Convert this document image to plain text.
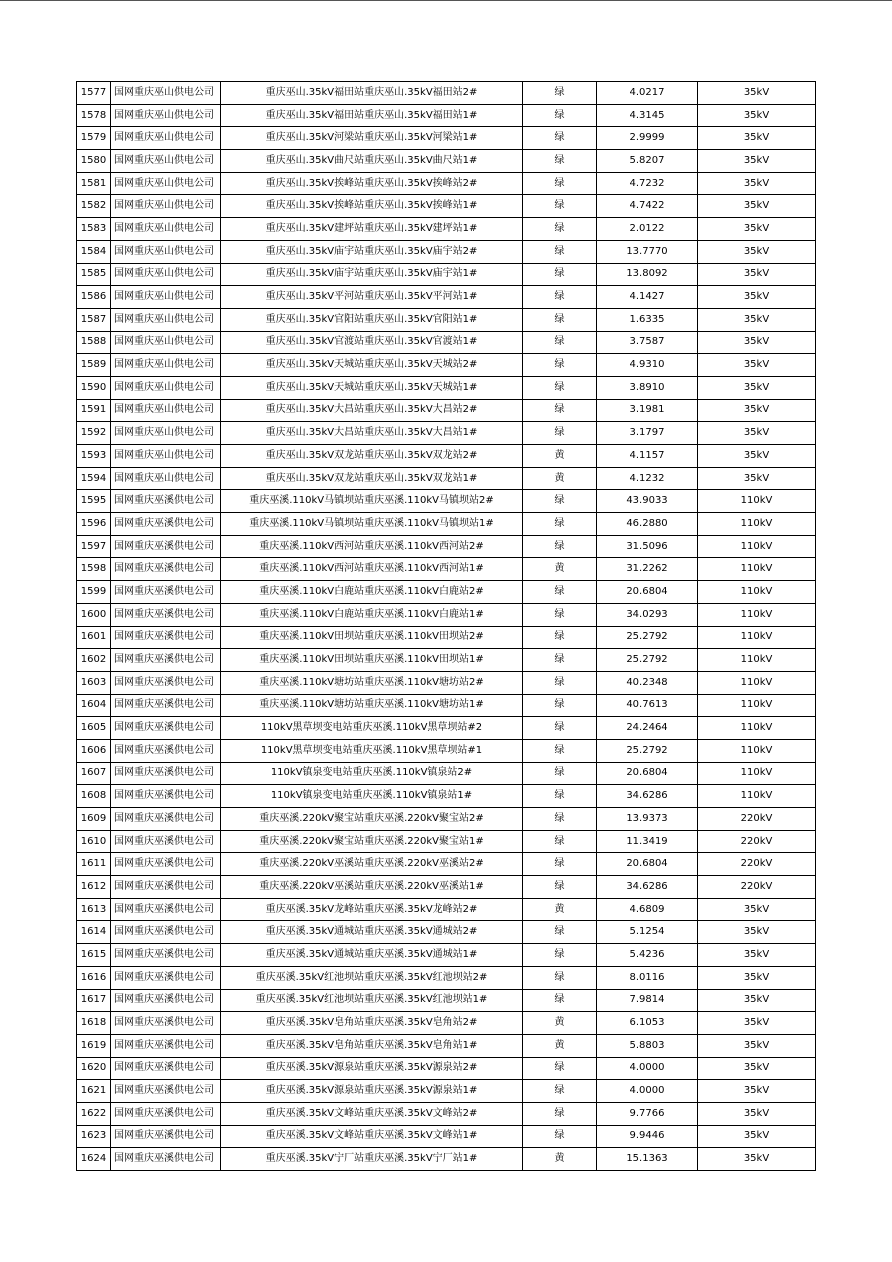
1577	国网重庆巫山供电公司	重庆巫山.35kV福田站重庆巫山.35kV福田站2#	绿	4.0217	35kV
1578	国网重庆巫山供电公司	重庆巫山.35kV福田站重庆巫山.35kV福田站1#	绿	4.3145	35kV
1579	国网重庆巫山供电公司	重庆巫山.35kV河梁站重庆巫山.35kV河梁站1#	绿	2.9999	35kV
1580	国网重庆巫山供电公司	重庆巫山.35kV曲尺站重庆巫山.35kV曲尺站1#	绿	5.8207	35kV
1581	国网重庆巫山供电公司	重庆巫山.35kV挨峰站重庆巫山.35kV挨峰站2#	绿	4.7232	35kV
1582	国网重庆巫山供电公司	重庆巫山.35kV挨峰站重庆巫山.35kV挨峰站1#	绿	4.7422	35kV
1583	国网重庆巫山供电公司	重庆巫山.35kV建坪站重庆巫山.35kV建坪站1#	绿	2.0122	35kV
1584	国网重庆巫山供电公司	重庆巫山.35kV庙宇站重庆巫山.35kV庙宇站2#	绿	13.7770	35kV
1585	国网重庆巫山供电公司	重庆巫山.35kV庙宇站重庆巫山.35kV庙宇站1#	绿	13.8092	35kV
1586	国网重庆巫山供电公司	重庆巫山.35kV平河站重庆巫山.35kV平河站1#	绿	4.1427	35kV
1587	国网重庆巫山供电公司	重庆巫山.35kV官阳站重庆巫山.35kV官阳站1#	绿	1.6335	35kV
1588	国网重庆巫山供电公司	重庆巫山.35kV官渡站重庆巫山.35kV官渡站1#	绿	3.7587	35kV
1589	国网重庆巫山供电公司	重庆巫山.35kV天城站重庆巫山.35kV天城站2#	绿	4.9310	35kV
1590	国网重庆巫山供电公司	重庆巫山.35kV天城站重庆巫山.35kV天城站1#	绿	3.8910	35kV
1591	国网重庆巫山供电公司	重庆巫山.35kV大昌站重庆巫山.35kV大昌站2#	绿	3.1981	35kV
1592	国网重庆巫山供电公司	重庆巫山.35kV大昌站重庆巫山.35kV大昌站1#	绿	3.1797	35kV
1593	国网重庆巫山供电公司	重庆巫山.35kV双龙站重庆巫山.35kV双龙站2#	黄	4.1157	35kV
1594	国网重庆巫山供电公司	重庆巫山.35kV双龙站重庆巫山.35kV双龙站1#	黄	4.1232	35kV
1595	国网重庆巫溪供电公司	重庆巫溪.110kV马镇坝站重庆巫溪.110kV马镇坝站2#	绿	43.9033	110kV
1596	国网重庆巫溪供电公司	重庆巫溪.110kV马镇坝站重庆巫溪.110kV马镇坝站1#	绿	46.2880	110kV
1597	国网重庆巫溪供电公司	重庆巫溪.110kV西河站重庆巫溪.110kV西河站2#	绿	31.5096	110kV
1598	国网重庆巫溪供电公司	重庆巫溪.110kV西河站重庆巫溪.110kV西河站1#	黄	31.2262	110kV
1599	国网重庆巫溪供电公司	重庆巫溪.110kV白鹿站重庆巫溪.110kV白鹿站2#	绿	20.6804	110kV
1600	国网重庆巫溪供电公司	重庆巫溪.110kV白鹿站重庆巫溪.110kV白鹿站1#	绿	34.0293	110kV
1601	国网重庆巫溪供电公司	重庆巫溪.110kV田坝站重庆巫溪.110kV田坝站2#	绿	25.2792	110kV
1602	国网重庆巫溪供电公司	重庆巫溪.110kV田坝站重庆巫溪.110kV田坝站1#	绿	25.2792	110kV
1603	国网重庆巫溪供电公司	重庆巫溪.110kV塘坊站重庆巫溪.110kV塘坊站2#	绿	40.2348	110kV
1604	国网重庆巫溪供电公司	重庆巫溪.110kV塘坊站重庆巫溪.110kV塘坊站1#	绿	40.7613	110kV
1605	国网重庆巫溪供电公司	110kV黑草坝变电站重庆巫溪.110kV黑草坝站#2	绿	24.2464	110kV
1606	国网重庆巫溪供电公司	110kV黑草坝变电站重庆巫溪.110kV黑草坝站#1	绿	25.2792	110kV
1607	国网重庆巫溪供电公司	110kV镇泉变电站重庆巫溪.110kV镇泉站2#	绿	20.6804	110kV
1608	国网重庆巫溪供电公司	110kV镇泉变电站重庆巫溪.110kV镇泉站1#	绿	34.6286	110kV
1609	国网重庆巫溪供电公司	重庆巫溪.220kV聚宝站重庆巫溪.220kV聚宝站2#	绿	13.9373	220kV
1610	国网重庆巫溪供电公司	重庆巫溪.220kV聚宝站重庆巫溪.220kV聚宝站1#	绿	11.3419	220kV
1611	国网重庆巫溪供电公司	重庆巫溪.220kV巫溪站重庆巫溪.220kV巫溪站2#	绿	20.6804	220kV
1612	国网重庆巫溪供电公司	重庆巫溪.220kV巫溪站重庆巫溪.220kV巫溪站1#	绿	34.6286	220kV
1613	国网重庆巫溪供电公司	重庆巫溪.35kV龙峰站重庆巫溪.35kV龙峰站2#	黄	4.6809	35kV
1614	国网重庆巫溪供电公司	重庆巫溪.35kV通城站重庆巫溪.35kV通城站2#	绿	5.1254	35kV
1615	国网重庆巫溪供电公司	重庆巫溪.35kV通城站重庆巫溪.35kV通城站1#	绿	5.4236	35kV
1616	国网重庆巫溪供电公司	重庆巫溪.35kV红池坝站重庆巫溪.35kV红池坝站2#	绿	8.0116	35kV
1617	国网重庆巫溪供电公司	重庆巫溪.35kV红池坝站重庆巫溪.35kV红池坝站1#	绿	7.9814	35kV
1618	国网重庆巫溪供电公司	重庆巫溪.35kV皂角站重庆巫溪.35kV皂角站2#	黄	6.1053	35kV
1619	国网重庆巫溪供电公司	重庆巫溪.35kV皂角站重庆巫溪.35kV皂角站1#	黄	5.8803	35kV
1620	国网重庆巫溪供电公司	重庆巫溪.35kV源泉站重庆巫溪.35kV源泉站2#	绿	4.0000	35kV
1621	国网重庆巫溪供电公司	重庆巫溪.35kV源泉站重庆巫溪.35kV源泉站1#	绿	4.0000	35kV
1622	国网重庆巫溪供电公司	重庆巫溪.35kV文峰站重庆巫溪.35kV文峰站2#	绿	9.7766	35kV
1623	国网重庆巫溪供电公司	重庆巫溪.35kV文峰站重庆巫溪.35kV文峰站1#	绿	9.9446	35kV
1624	国网重庆巫溪供电公司	重庆巫溪.35kV宁厂站重庆巫溪.35kV宁厂站1#	黄	15.1363	35kV
